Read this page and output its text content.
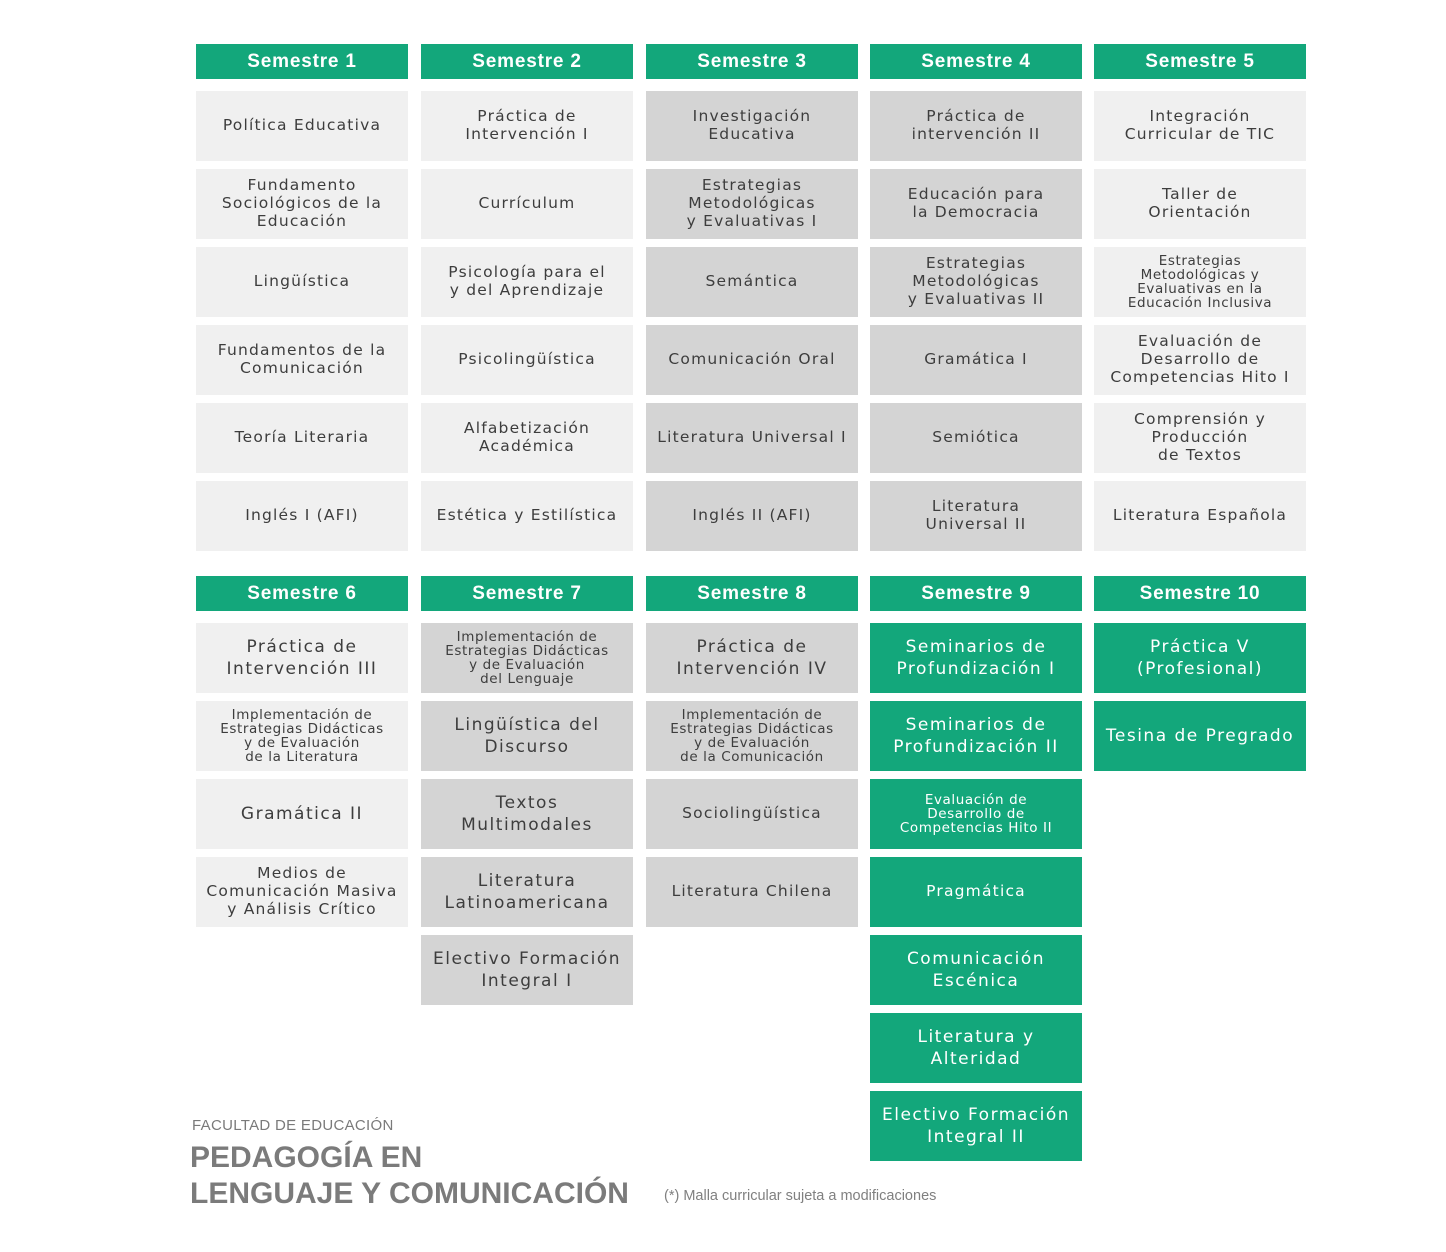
Semestre 1
Política Educativa
Fundamento
Sociológicos de la
Educación
Lingüística
Fundamentos de la
Comunicación
Teoría Literaria
Inglés I (AFI)
Semestre 2
Práctica de
Intervención I
Currículum
Psicología para el
y del Aprendizaje
Psicolingüística
Alfabetización
Académica
Estética y Estilística
Semestre 3
Investigación
Educativa
Estrategias
Metodológicas
y Evaluativas I
Semántica
Comunicación Oral
Literatura Universal I
Inglés II (AFI)
Semestre 4
Práctica de
intervención II
Educación para
la Democracia
Estrategias
Metodológicas
y Evaluativas II
Gramática I
Semiótica
Literatura
Universal II
Semestre 5
Integración
Curricular de TIC
Taller de
Orientación
Estrategias
Metodológicas y
Evaluativas en la
Educación Inclusiva
Evaluación de
Desarrollo de
Competencias Hito I
Comprensión y
Producción
de Textos
Literatura Española
Semestre 6
Práctica de
Intervención III
Implementación de
Estrategias Didácticas
y de Evaluación
de la Literatura
Gramática II
Medios de
Comunicación Masiva
y Análisis Crítico
Semestre 7
Implementación de
Estrategias Didácticas
y de Evaluación
del Lenguaje
Lingüística del
Discurso
Textos
Multimodales
Literatura
Latinoamericana
Electivo Formación
Integral I
Semestre 8
Práctica de
Intervención IV
Implementación de
Estrategias Didácticas
y de Evaluación
de la Comunicación
Sociolingüística
Literatura Chilena
Semestre 9
Seminarios de
Profundización I
Seminarios de
Profundización II
Evaluación de
Desarrollo de
Competencias Hito II
Pragmática
Comunicación
Escénica
Literatura y
Alteridad
Electivo Formación
Integral II
Semestre 10
Práctica V
(Profesional)
Tesina de Pregrado
FACULTAD DE EDUCACIÓN
PEDAGOGÍA EN
LENGUAJE Y COMUNICACIÓN (*) Malla curricular sujeta a modificaciones
